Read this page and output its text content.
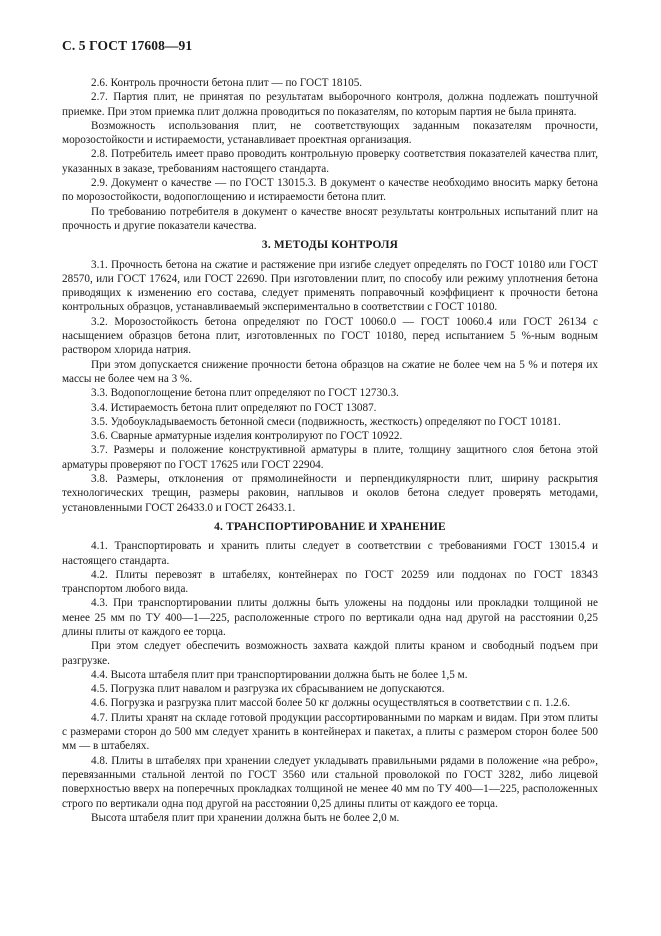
С. 5 ГОСТ 17608—91

2.6. Контроль прочности бетона плит — по ГОСТ 18105.

2.7. Партия плит, не принятая по результатам выборочного контроля, должна подлежать поштучной приемке. При этом приемка плит должна проводиться по показателям, по которым партия не была принята.

Возможность использования плит, не соответствующих заданным показателям прочности, морозостойкости и истираемости, устанавливает проектная организация.

2.8. Потребитель имеет право проводить контрольную проверку соответствия показателей качества плит, указанных в заказе, требованиям настоящего стандарта.

2.9. Документ о качестве — по ГОСТ 13015.3. В документ о качестве необходимо вносить марку бетона по морозостойкости, водопоглощению и истираемости бетона плит.

По требованию потребителя в документ о качестве вносят результаты контрольных испытаний плит на прочность и другие показатели качества.

3. МЕТОДЫ КОНТРОЛЯ

3.1. Прочность бетона на сжатие и растяжение при изгибе следует определять по ГОСТ 10180 или ГОСТ 28570, или ГОСТ 17624, или ГОСТ 22690. При изготовлении плит, по способу или режиму уплотнения бетона приводящих к изменению его состава, следует применять поправочный коэффициент к прочности бетона контрольных образцов, устанавливаемый экспериментально в соответствии с ГОСТ 10180.

3.2. Морозостойкость бетона определяют по ГОСТ 10060.0 — ГОСТ 10060.4 или ГОСТ 26134 с насыщением образцов бетона плит, изготовленных по ГОСТ 10180, перед испытанием 5 %-ным водным раствором хлорида натрия.

При этом допускается снижение прочности бетона образцов на сжатие не более чем на 5 % и потеря их массы не более чем на 3 %.

3.3. Водопоглощение бетона плит определяют по ГОСТ 12730.3.

3.4. Истираемость бетона плит определяют по ГОСТ 13087.

3.5. Удобоукладываемость бетонной смеси (подвижность, жесткость) определяют по ГОСТ 10181.

3.6. Сварные арматурные изделия контролируют по ГОСТ 10922.

3.7. Размеры и положение конструктивной арматуры в плите, толщину защитного слоя бетона этой арматуры проверяют по ГОСТ 17625 или ГОСТ 22904.

3.8. Размеры, отклонения от прямолинейности и перпендикулярности плит, ширину раскрытия технологических трещин, размеры раковин, наплывов и околов бетона следует проверять методами, установленными ГОСТ 26433.0 и ГОСТ 26433.1.

4. ТРАНСПОРТИРОВАНИЕ И ХРАНЕНИЕ

4.1. Транспортировать и хранить плиты следует в соответствии с требованиями ГОСТ 13015.4 и настоящего стандарта.

4.2. Плиты перевозят в штабелях, контейнерах по ГОСТ 20259 или поддонах по ГОСТ 18343 транспортом любого вида.

4.3. При транспортировании плиты должны быть уложены на поддоны или прокладки толщиной не менее 25 мм по ТУ 400—1—225, расположенные строго по вертикали одна над другой на расстоянии 0,25 длины плиты от каждого ее торца.

При этом следует обеспечить возможность захвата каждой плиты краном и свободный подъем при разгрузке.

4.4. Высота штабеля плит при транспортировании должна быть не более 1,5 м.

4.5. Погрузка плит навалом и разгрузка их сбрасыванием не допускаются.

4.6. Погрузка и разгрузка плит массой более 50 кг должны осуществляться в соответствии с п. 1.2.6.

4.7. Плиты хранят на складе готовой продукции рассортированными по маркам и видам. При этом плиты с размерами сторон до 500 мм следует хранить в контейнерах и пакетах, а плиты с размером сторон более 500 мм — в штабелях.

4.8. Плиты в штабелях при хранении следует укладывать правильными рядами в положение «на ребро», перевязанными стальной лентой по ГОСТ 3560 или стальной проволокой по ГОСТ 3282, либо лицевой поверхностью вверх на поперечных прокладках толщиной не менее 40 мм по ТУ 400—1—225, расположенных строго по вертикали одна под другой на расстоянии 0,25 длины плиты от каждого ее торца.

Высота штабеля плит при хранении должна быть не более 2,0 м.
